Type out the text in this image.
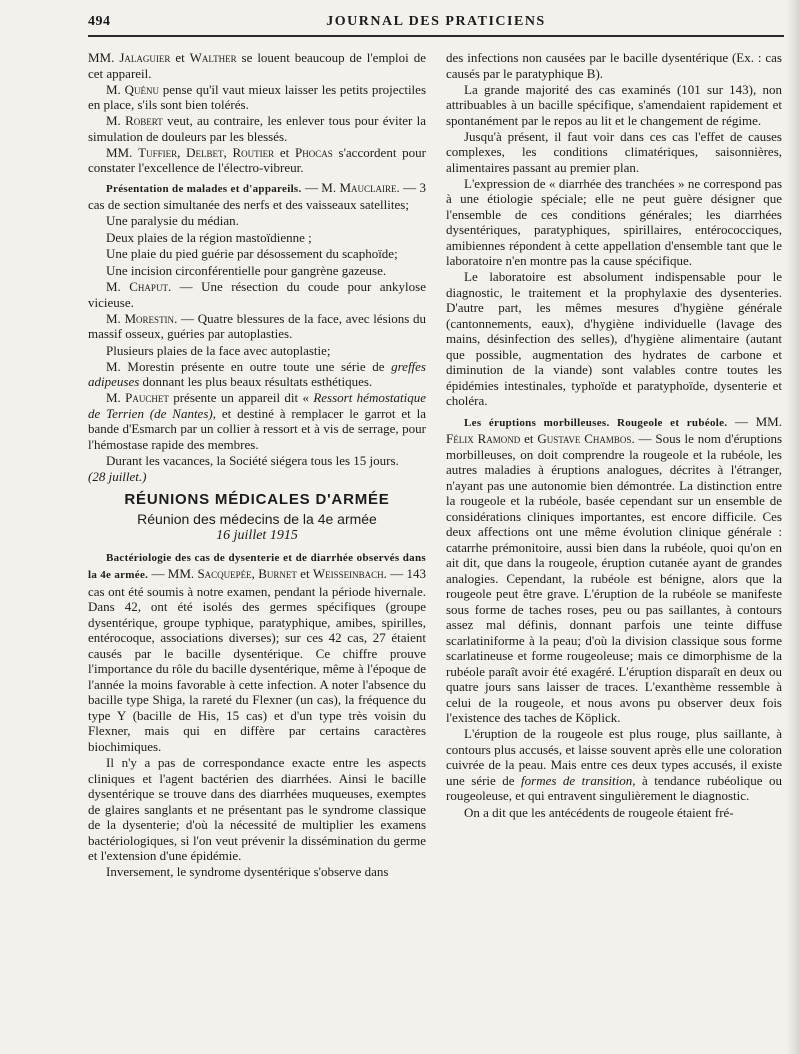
494	JOURNAL DES PRATICIENS

MM. Jalaguier et Walther se louent beaucoup de l'emploi de cet appareil.

M. Quénu pense qu'il vaut mieux laisser les petits projectiles en place, s'ils sont bien tolérés.

M. Robert veut, au contraire, les enlever tous pour éviter la simulation de douleurs par les blessés.

MM. Tuffier, Delbet, Routier et Phocas s'accordent pour constater l'excellence de l'électro-vibreur.

Présentation de malades et d'appareils. — M. Mauclaire. — 3 cas de section simultanée des nerfs et des vaisseaux satellites;

Une paralysie du médian.

Deux plaies de la région mastoïdienne ;

Une plaie du pied guérie par désossement du scaphoïde;

Une incision circonférentielle pour gangrène gazeuse.

M. Chaput. — Une résection du coude pour ankylose vicieuse.

M. Morestin. — Quatre blessures de la face, avec lésions du massif osseux, guéries par autoplasties.

Plusieurs plaies de la face avec autoplastie;

M. Morestin présente en outre toute une série de greffes adipeuses donnant les plus beaux résultats esthétiques.

M. Pauchet présente un appareil dit « Ressort hémostatique de Terrien (de Nantes), et destiné à remplacer le garrot et la bande d'Esmarch par un collier à ressort et à vis de serrage, pour l'hémostase rapide des membres.

Durant les vacances, la Société siégera tous les 15 jours.

(28 juillet.)

RÉUNIONS MÉDICALES D'ARMÉE
Réunion des médecins de la 4e armée
16 juillet 1915

Bactériologie des cas de dysenterie et de diarrhée observés dans la 4e armée. — MM. Sacquepée, Burnet et Weisseinbach. — 143 cas ont été soumis à notre examen, pendant la période hivernale. Dans 42, ont été isolés des germes spécifiques (groupe dysentérique, groupe typhique, paratyphique, amibes, spirilles, entérocoque, associations diverses); sur ces 42 cas, 27 étaient causés par le bacille dysentérique. Ce chiffre prouve l'importance du rôle du bacille dysentérique, même à l'époque de l'année la moins favorable à cette infection. A noter l'absence du bacille type Shiga, la rareté du Flexner (un cas), la fréquence du type Y (bacille de His, 15 cas) et d'un type très voisin du Flexner, mais qui en diffère par certains caractères biochimiques.

Il n'y a pas de correspondance exacte entre les aspects cliniques et l'agent bactérien des diarrhées. Ainsi le bacille dysentérique se trouve dans des diarrhées muqueuses, exemptes de glaires sanglants et ne présentant pas le syndrome classique de la dysenterie; d'où la nécessité de multiplier les examens bactériologiques, si l'on veut prévenir la dissémination du germe et l'extension d'une épidémie.

Inversement, le syndrome dysentérique s'observe dans

des infections non causées par le bacille dysentérique (Ex. : cas causés par le paratyphique B).

La grande majorité des cas examinés (101 sur 143), non attribuables à un bacille spécifique, s'amendaient rapidement et spontanément par le repos au lit et le changement de régime.

Jusqu'à présent, il faut voir dans ces cas l'effet de causes complexes, les conditions climatériques, saisonnières, alimentaires passant au premier plan.

L'expression de « diarrhée des tranchées » ne correspond pas à une étiologie spéciale; elle ne peut guère désigner que l'ensemble de ces conditions générales; les diarrhées dysentériques, paratyphiques, spirillaires, entérococciques, amibiennes répondent à cette appellation d'ensemble tant que le laboratoire n'en montre pas la cause spécifique.

Le laboratoire est absolument indispensable pour le diagnostic, le traitement et la prophylaxie des dysenteries. D'autre part, les mêmes mesures d'hygiène générale (cantonnements, eaux), d'hygiène individuelle (lavage des mains, désinfection des selles), d'hygiène alimentaire (autant que possible, augmentation des hydrates de carbone et diminution de la viande) sont valables contre toutes les épidémies intestinales, typhoïde et paratyphoïde, dysenterie et choléra.

Les éruptions morbilleuses. Rougeole et rubéole. — MM. Félix Ramond et Gustave Chambos. — Sous le nom d'éruptions morbilleuses, on doit comprendre la rougeole et la rubéole, les autres maladies à éruptions analogues, décrites à l'étranger, n'ayant pas une autonomie bien démontrée. La distinction entre la rougeole et la rubéole, basée cependant sur un ensemble de considérations cliniques importantes, est encore difficile. Ces deux affections ont une même évolution clinique générale : catarrhe prémonitoire, aussi bien dans la rubéole, quoi qu'on en ait dit, que dans la rougeole, éruption cutanée ayant de grandes analogies. Cependant, la rubéole est bénigne, alors que la rougeole peut être grave. L'éruption de la rubéole se manifeste sous forme de taches roses, peu ou pas saillantes, à contours assez mal définis, donnant parfois une teinte diffuse scarlatiniforme à la peau; d'où la division classique sous forme scarlatineuse et forme rougeoleuse; mais ce dimorphisme de la rubéole paraît avoir été exagéré. L'éruption disparaît en deux ou quatre jours sans laisser de traces. L'exanthème ressemble à celui de la rougeole, et nous avons pu observer deux fois l'existence des taches de Köplick.

L'éruption de la rougeole est plus rouge, plus saillante, à contours plus accusés, et laisse souvent après elle une coloration cuivrée de la peau. Mais entre ces deux types accusés, il existe une série de formes de transition, à tendance rubéolique ou rougeoleuse, et qui entravent singulièrement le diagnostic.

On a dit que les antécédents de rougeole étaient fré-
